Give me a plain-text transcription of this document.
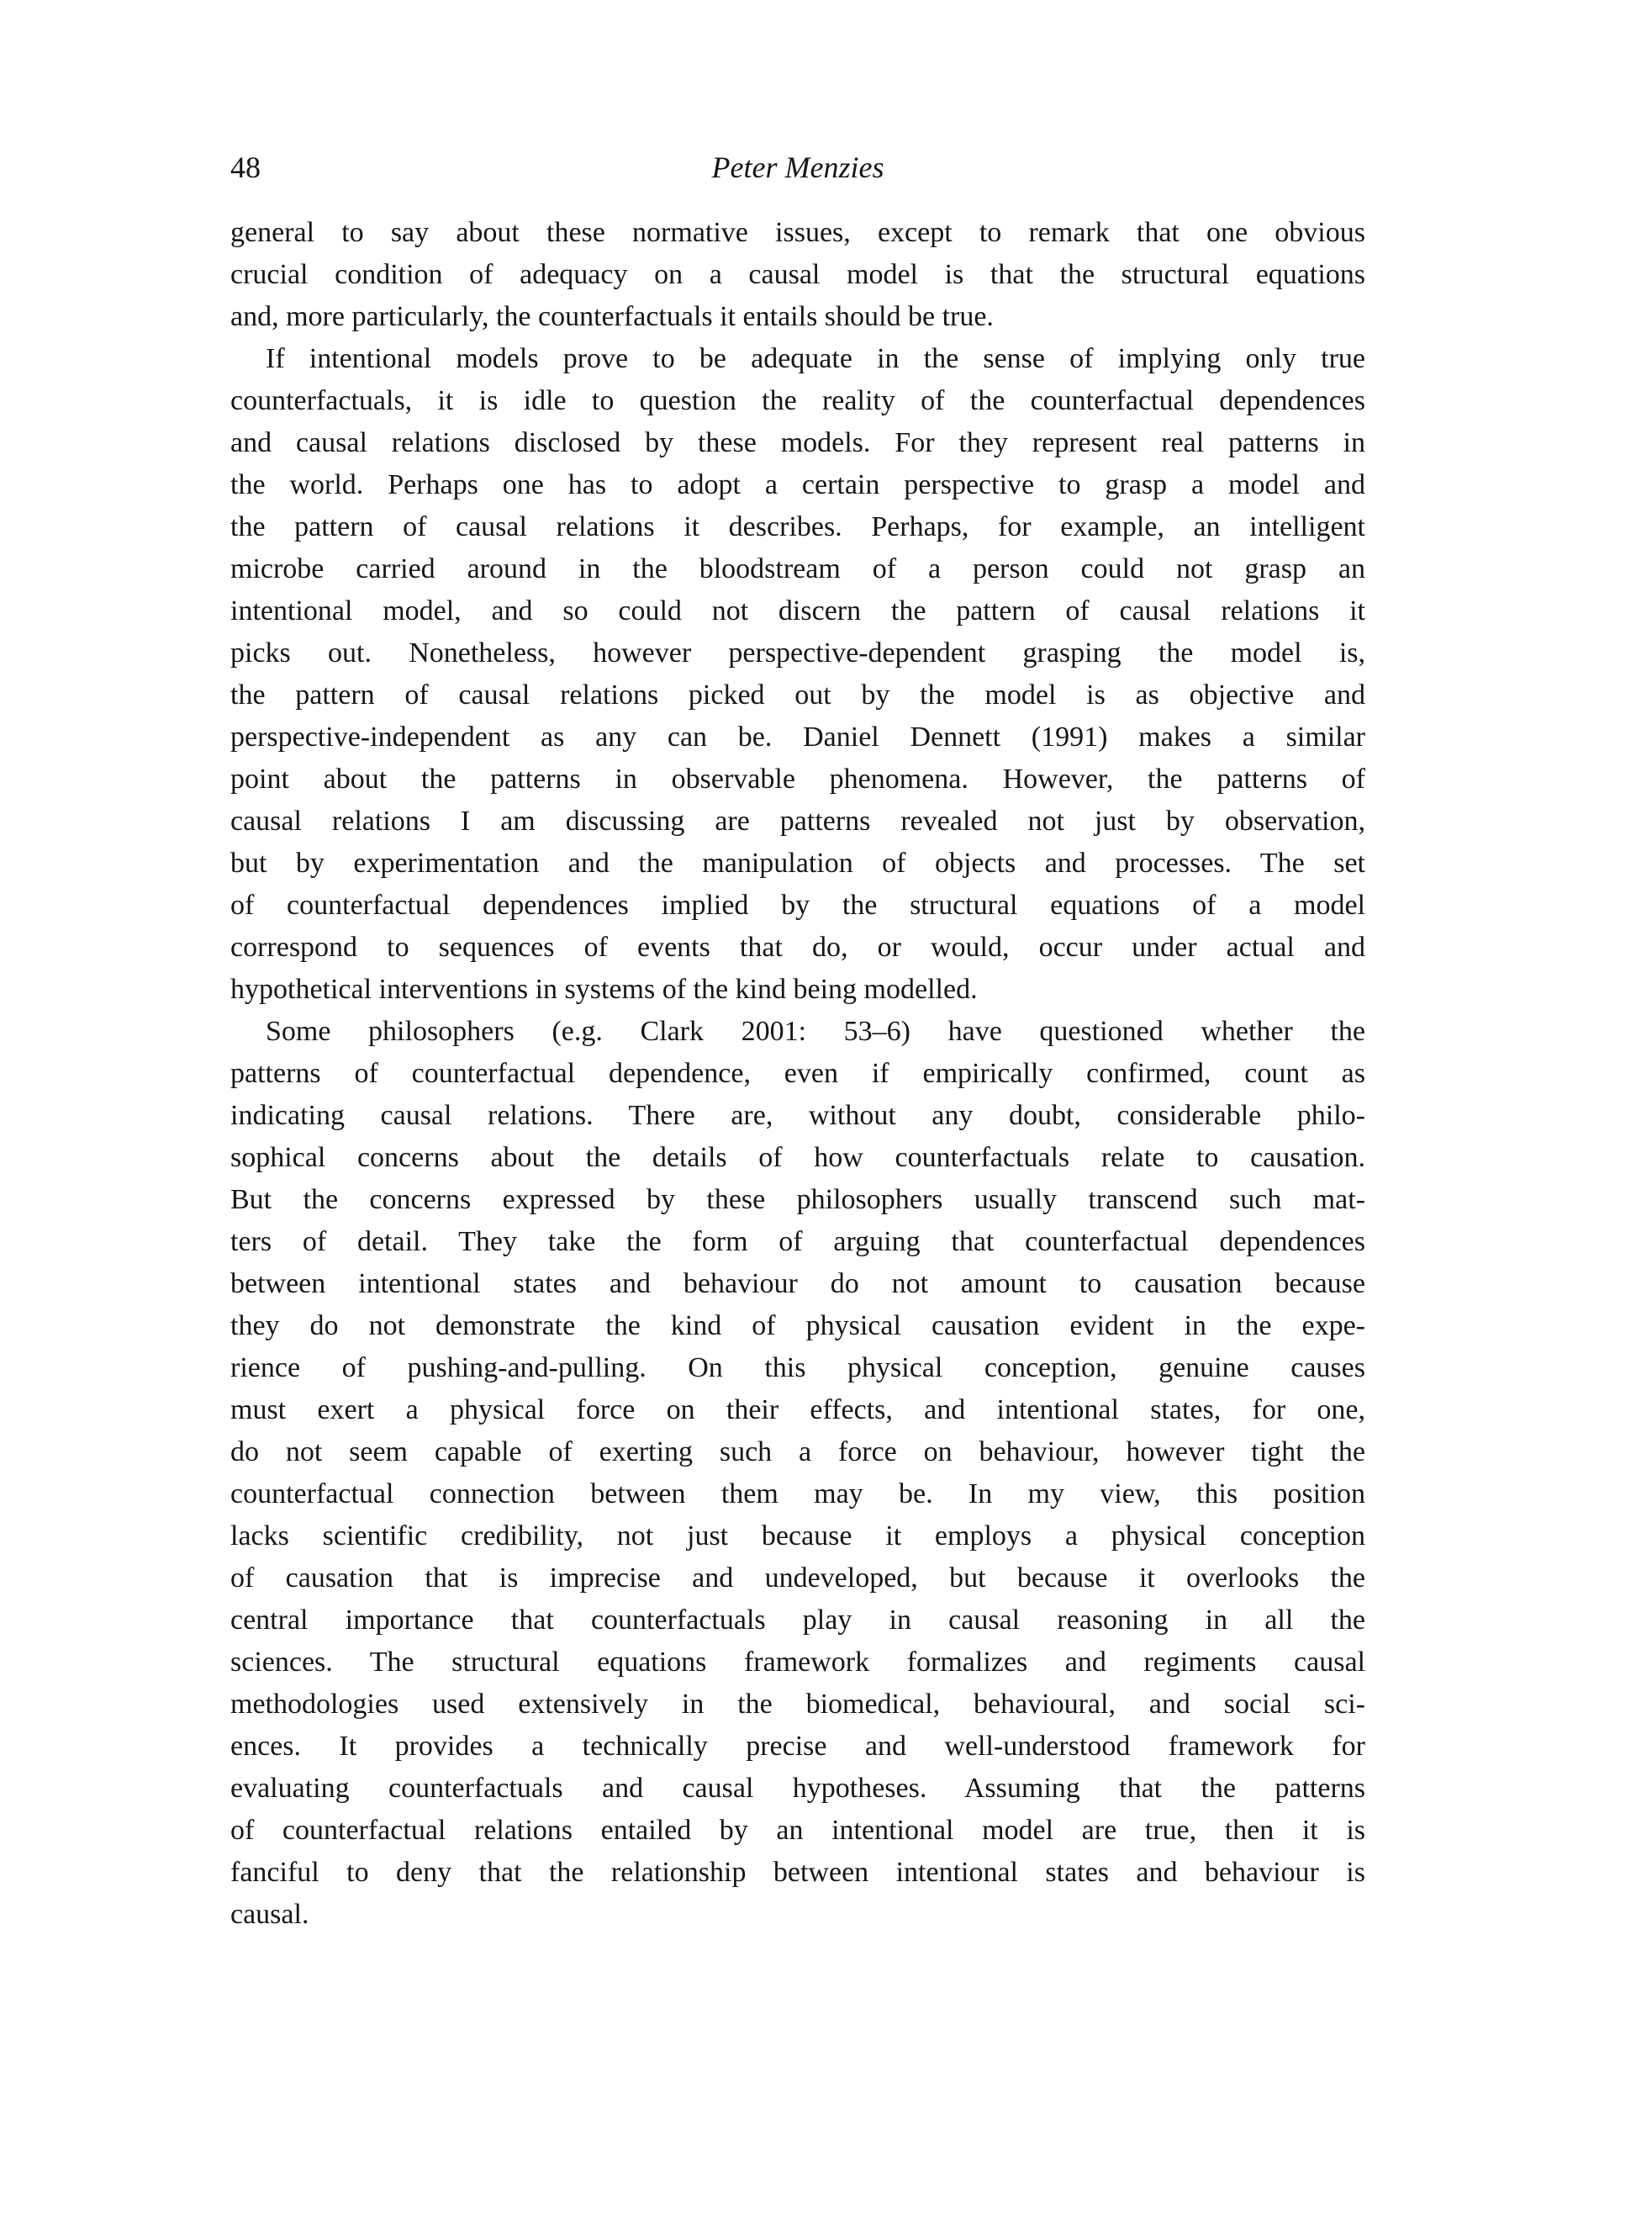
48	Peter Menzies
general to say about these normative issues, except to remark that one obvious
crucial condition of adequacy on a causal model is that the structural equations
and, more particularly, the counterfactuals it entails should be true.
If intentional models prove to be adequate in the sense of implying only true
counterfactuals, it is idle to question the reality of the counterfactual dependences
and causal relations disclosed by these models. For they represent real patterns in
the world. Perhaps one has to adopt a certain perspective to grasp a model and
the pattern of causal relations it describes. Perhaps, for example, an intelligent
microbe carried around in the bloodstream of a person could not grasp an
intentional model, and so could not discern the pattern of causal relations it
picks out. Nonetheless, however perspective-dependent grasping the model is,
the pattern of causal relations picked out by the model is as objective and
perspective-independent as any can be. Daniel Dennett (1991) makes a similar
point about the patterns in observable phenomena. However, the patterns of
causal relations I am discussing are patterns revealed not just by observation,
but by experimentation and the manipulation of objects and processes. The set
of counterfactual dependences implied by the structural equations of a model
correspond to sequences of events that do, or would, occur under actual and
hypothetical interventions in systems of the kind being modelled.
Some philosophers (e.g. Clark 2001: 53–6) have questioned whether the
patterns of counterfactual dependence, even if empirically confirmed, count as
indicating causal relations. There are, without any doubt, considerable philo-
sophical concerns about the details of how counterfactuals relate to causation.
But the concerns expressed by these philosophers usually transcend such mat-
ters of detail. They take the form of arguing that counterfactual dependences
between intentional states and behaviour do not amount to causation because
they do not demonstrate the kind of physical causation evident in the expe-
rience of pushing-and-pulling. On this physical conception, genuine causes
must exert a physical force on their effects, and intentional states, for one,
do not seem capable of exerting such a force on behaviour, however tight the
counterfactual connection between them may be. In my view, this position
lacks scientific credibility, not just because it employs a physical conception
of causation that is imprecise and undeveloped, but because it overlooks the
central importance that counterfactuals play in causal reasoning in all the
sciences. The structural equations framework formalizes and regiments causal
methodologies used extensively in the biomedical, behavioural, and social sci-
ences. It provides a technically precise and well-understood framework for
evaluating counterfactuals and causal hypotheses. Assuming that the patterns
of counterfactual relations entailed by an intentional model are true, then it is
fanciful to deny that the relationship between intentional states and behaviour is
causal.
